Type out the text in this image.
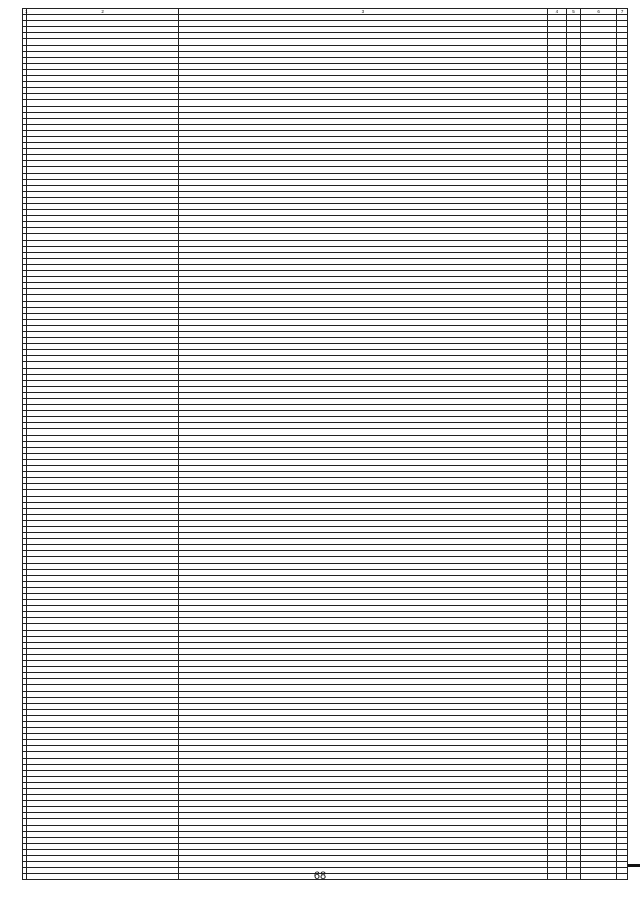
1	2	3	4	5	6	7

68
